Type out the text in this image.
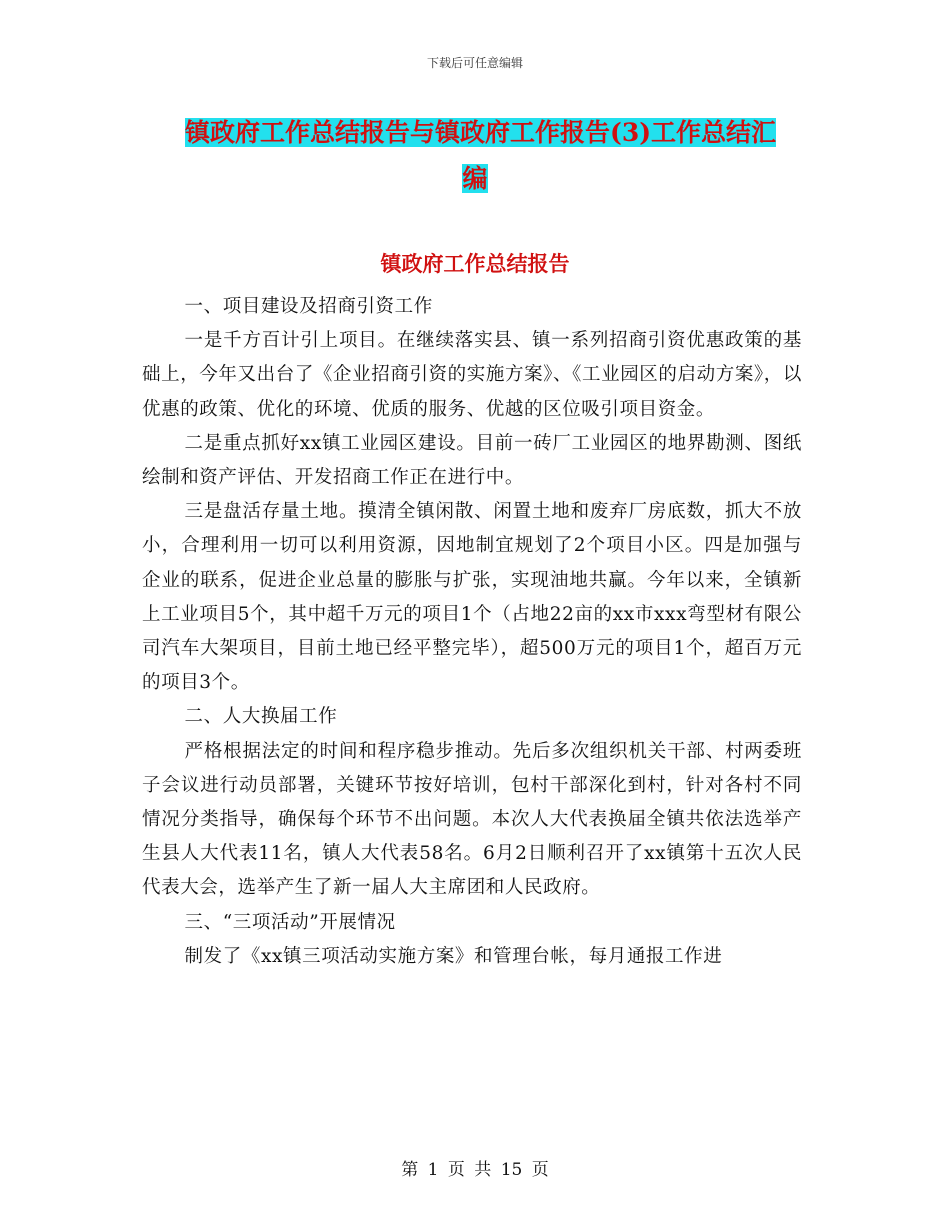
下载后可任意编辑
镇政府工作总结报告与镇政府工作报告(3)工作总结汇

编
镇政府工作总结报告

一、项目建设及招商引资工作

一是千方百计引上项目。在继续落实县、镇一系列招商引资优惠政策的基础上，今年又出台了《企业招商引资的实施方案》、《工业园区的启动方案》，以优惠的政策、优化的环境、优质的服务、优越的区位吸引项目资金。

二是重点抓好xx镇工业园区建设。目前一砖厂工业园区的地界勘测、图纸绘制和资产评估、开发招商工作正在进行中。

三是盘活存量土地。摸清全镇闲散、闲置土地和废弃厂房底数，抓大不放小，合理利用一切可以利用资源，因地制宜规划了2个项目小区。四是加强与企业的联系，促进企业总量的膨胀与扩张，实现油地共赢。今年以来，全镇新上工业项目5个，其中超千万元的项目1个（占地22亩的xx市xxx弯型材有限公司汽车大架项目，目前土地已经平整完毕），超500万元的项目1个，超百万元的项目3个。

二、人大换届工作

严格根据法定的时间和程序稳步推动。先后多次组织机关干部、村两委班子会议进行动员部署，关键环节按好培训，包村干部深化到村，针对各村不同情况分类指导，确保每个环节不出问题。本次人大代表换届全镇共依法选举产生县人大代表11名，镇人大代表58名。6月2日顺利召开了xx镇第十五次人民代表大会，选举产生了新一届人大主席团和人民政府。

三、“三项活动”开展情况

制发了《xx镇三项活动实施方案》和管理台帐，每月通报工作进

第 1 页 共 15 页
